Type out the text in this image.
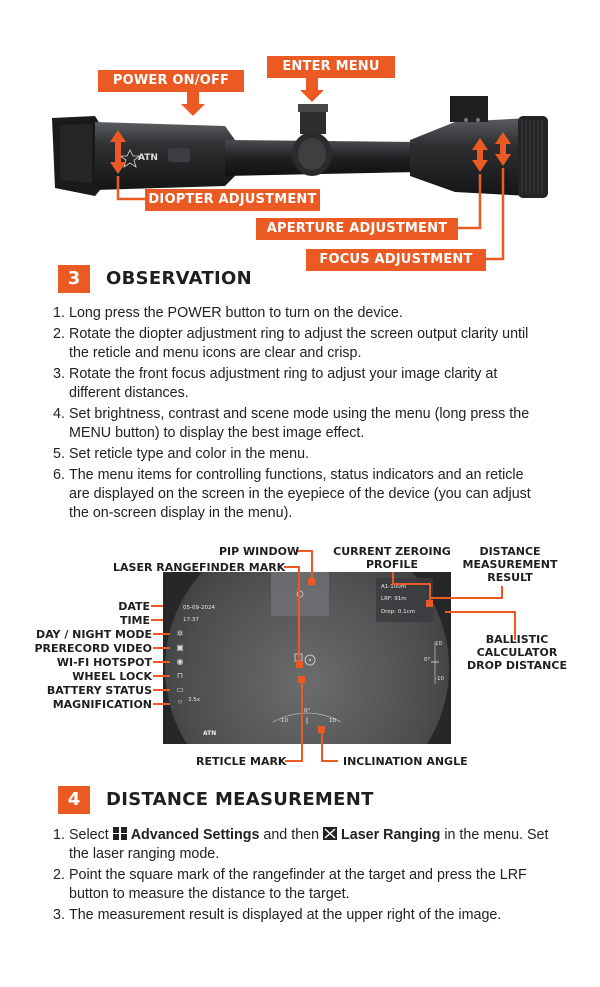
ATN
POWER ON/OFF
ENTER MENU
DIOPTER ADJUSTMENT
APERTURE ADJUSTMENT
FOCUS ADJUSTMENT
3	OBSERVATION
1. Long press the POWER button to turn on the device.
2. Rotate the diopter adjustment ring to adjust the screen output clarity until the reticle and menu icons are clear and crisp.
3. Rotate the front focus adjustment ring to adjust your image clarity at different distances.
4. Set brightness, contrast and scene mode using the menu (long press the MENU button) to display the best image effect.
5. Set reticle type and color in the menu.
6. The menu items for controlling functions, status indicators and an reticle are displayed on the screen in the eyepiece of the device (you can adjust the on-screen display in the menu).
05-09-2024
17:37
A1-100m
LRF: 91m
Drop: 0.1cm
3.5x
0°
0°
10
-10
-10	10
✲
▣
◉
⊓
▭
○
ATN
PIP WINDOW
LASER RANGEFINDER MARK
CURRENT ZEROING PROFILE
DISTANCE MEASUREMENT RESULT
DATE
TIME
DAY / NIGHT MODE
PRERECORD VIDEO
WI-FI HOTSPOT
WHEEL LOCK
BATTERY STATUS
MAGNIFICATION
BALLISTIC CALCULATOR DROP DISTANCE
RETICLE MARK	INCLINATION ANGLE
4	DISTANCE MEASUREMENT
1. Select Advanced Settings and then Laser Ranging in the menu. Set the laser ranging mode.
2. Point the square mark of the rangefinder at the target and press the LRF button to measure the distance to the target.
3. The measurement result is displayed at the upper right of the image.
